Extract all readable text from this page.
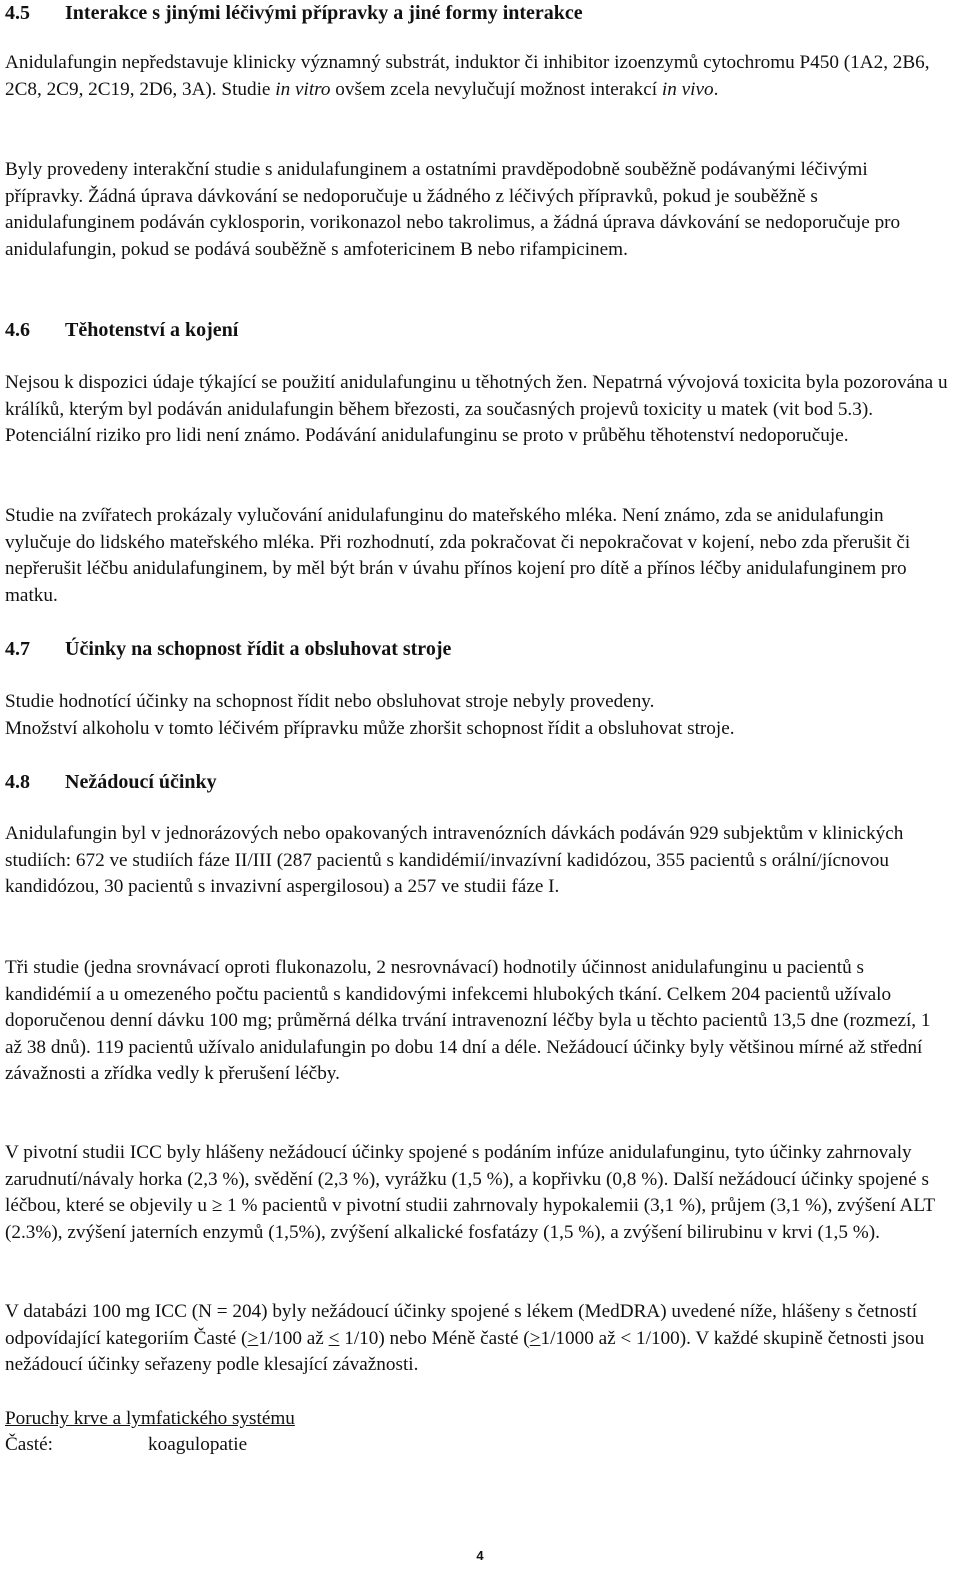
4.5	Interakce s jinými léčivými přípravky a jiné formy interakce

Anidulafungin nepředstavuje klinicky významný substrát, induktor či inhibitor izoenzymů cytochromu P450 (1A2, 2B6, 2C8, 2C9, 2C19, 2D6, 3A). Studie in vitro ovšem zcela nevylučují možnost interakcí in vivo.

Byly provedeny interakční studie s anidulafunginem a ostatními pravděpodobně souběžně podávanými léčivými přípravky. Žádná úprava dávkování se nedoporučuje u žádného z léčivých přípravků, pokud je souběžně s anidulafunginem podáván cyklosporin, vorikonazol nebo takrolimus, a žádná úprava dávkování se nedoporučuje pro anidulafungin, pokud se podává souběžně s amfotericinem B nebo rifampicinem.

4.6	Těhotenství a kojení

Nejsou k dispozici údaje týkající se použití anidulafunginu u těhotných žen. Nepatrná vývojová toxicita byla pozorována u králíků, kterým byl podáván anidulafungin během březosti, za současných projevů toxicity u matek (vit bod 5.3). Potenciální riziko pro lidi není známo. Podávání anidulafunginu se proto v průběhu těhotenství nedoporučuje.

Studie na zvířatech prokázaly vylučování anidulafunginu do mateřského mléka. Není známo, zda se anidulafungin vylučuje do lidského mateřského mléka. Při rozhodnutí, zda pokračovat či nepokračovat v kojení, nebo zda přerušit či nepřerušit léčbu anidulafunginem, by měl být brán v úvahu přínos kojení pro dítě a přínos léčby anidulafunginem pro matku.

4.7	Účinky na schopnost řídit a obsluhovat stroje

Studie hodnotící účinky na schopnost řídit nebo obsluhovat stroje nebyly provedeny.
Množství alkoholu v tomto léčivém přípravku může zhoršit schopnost řídit a obsluhovat stroje.

4.8	Nežádoucí účinky

Anidulafungin byl v jednorázových nebo opakovaných intravenózních dávkách podáván 929 subjektům v klinických studiích: 672 ve studiích fáze II/III (287 pacientů s kandidémií/invazívní kadidózou, 355 pacientů s orální/jícnovou kandidózou, 30 pacientů s invazivní aspergilosou) a 257 ve studii fáze I.

Tři studie (jedna srovnávací oproti flukonazolu, 2 nesrovnávací) hodnotily účinnost anidulafunginu u pacientů s kandidémií a u omezeného počtu pacientů s kandidovými infekcemi hlubokých tkání. Celkem 204 pacientů užívalo doporučenou denní dávku 100 mg; průměrná délka trvání intravenozní léčby byla u těchto pacientů 13,5 dne (rozmezí, 1 až 38 dnů). 119 pacientů užívalo anidulafungin po dobu 14 dní a déle. Nežádoucí účinky byly většinou mírné až střední závažnosti a zřídka vedly k přerušení léčby.

V pivotní studii ICC byly hlášeny nežádoucí účinky spojené s podáním infúze anidulafunginu, tyto účinky zahrnovaly zarudnutí/návaly horka (2,3 %), svědění (2,3 %), vyrážku (1,5 %), a kopřivku (0,8 %). Další nežádoucí účinky spojené s léčbou, které se objevily u ≥ 1 % pacientů v pivotní studii zahrnovaly hypokalemii (3,1 %), průjem (3,1 %), zvýšení ALT (2.3%), zvýšení jaterních enzymů (1,5%), zvýšení alkalické fosfatázy (1,5 %), a zvýšení bilirubinu v krvi (1,5 %).

V databázi 100 mg ICC (N = 204) byly nežádoucí účinky spojené s lékem (MedDRA) uvedené níže, hlášeny s četností odpovídající kategoriím Časté (>1/100 až < 1/10) nebo Méně časté (>1/1000 až < 1/100). V každé skupině četnosti jsou nežádoucí účinky seřazeny podle klesající závažnosti.

Poruchy krve a lymfatického systému

Časté:	koagulopatie
4
